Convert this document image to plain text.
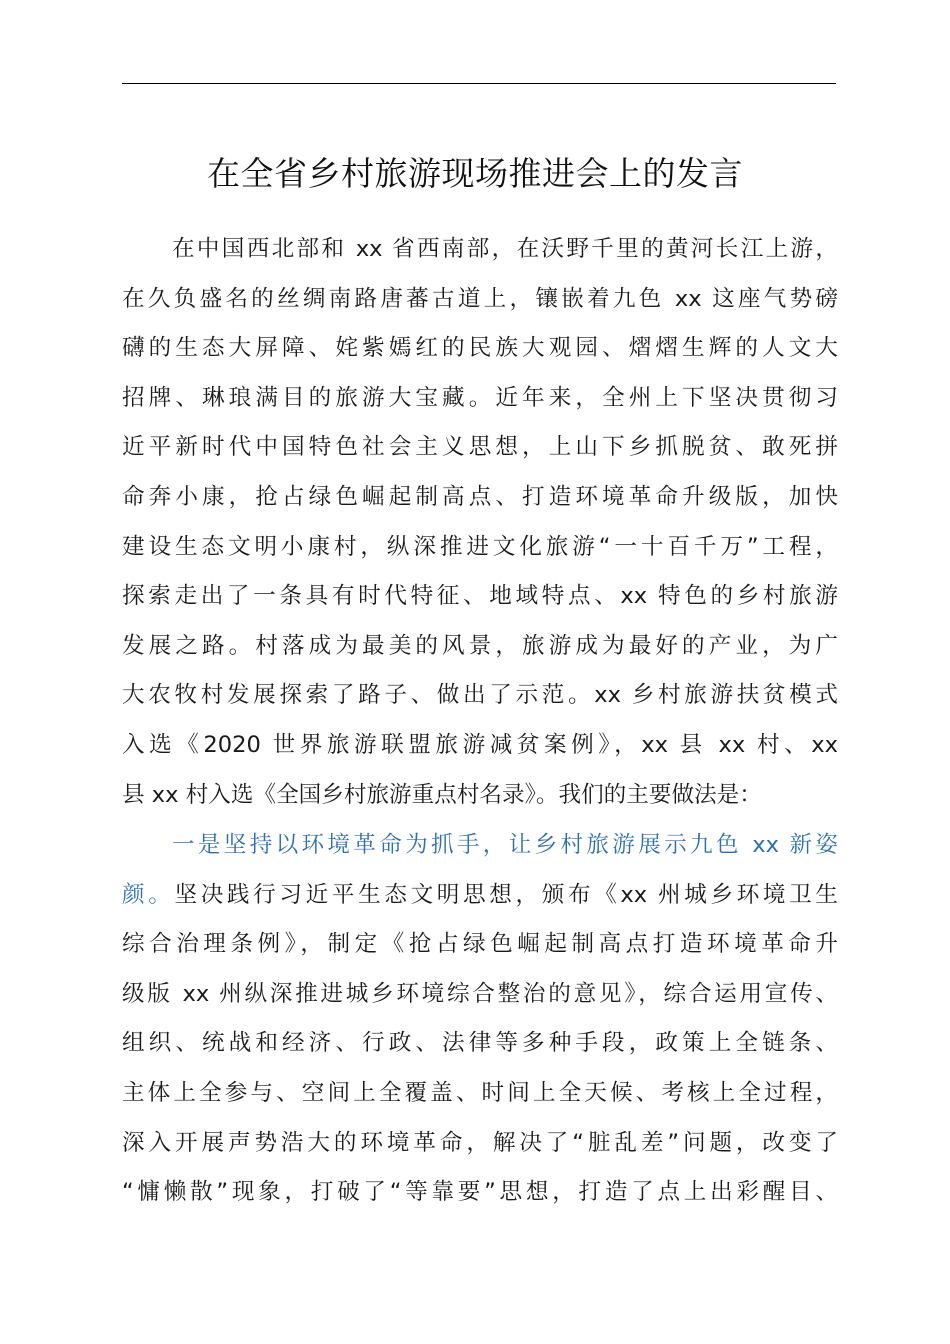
在全省乡村旅游现场推进会上的发言
在中国西北部和 xx 省西南部，在沃野千里的黄河长江上游，
在久负盛名的丝绸南路唐蕃古道上，镶嵌着九色 xx 这座气势磅
礴的生态大屏障、姹紫嫣红的民族大观园、熠熠生辉的人文大
招牌、琳琅满目的旅游大宝藏。近年来，全州上下坚决贯彻习
近平新时代中国特色社会主义思想，上山下乡抓脱贫、敢死拼
命奔小康，抢占绿色崛起制高点、打造环境革命升级版，加快
建设生态文明小康村，纵深推进文化旅游“一十百千万”工程，
探索走出了一条具有时代特征、地域特点、xx 特色的乡村旅游
发展之路。村落成为最美的风景，旅游成为最好的产业，为广
大农牧村发展探索了路子、做出了示范。xx 乡村旅游扶贫模式
入选《2020 世界旅游联盟旅游减贫案例》，xx 县 xx 村、xx
县 xx 村入选《全国乡村旅游重点村名录》。我们的主要做法是：
一是坚持以环境革命为抓手，让乡村旅游展示九色 xx 新姿
颜。坚决践行习近平生态文明思想，颁布《xx 州城乡环境卫生
综合治理条例》，制定《抢占绿色崛起制高点打造环境革命升
级版 xx 州纵深推进城乡环境综合整治的意见》，综合运用宣传、
组织、统战和经济、行政、法律等多种手段，政策上全链条、
主体上全参与、空间上全覆盖、时间上全天候、考核上全过程，
深入开展声势浩大的环境革命，解决了“脏乱差”问题，改变了
“慵懒散”现象，打破了“等靠要”思想，打造了点上出彩醒目、
